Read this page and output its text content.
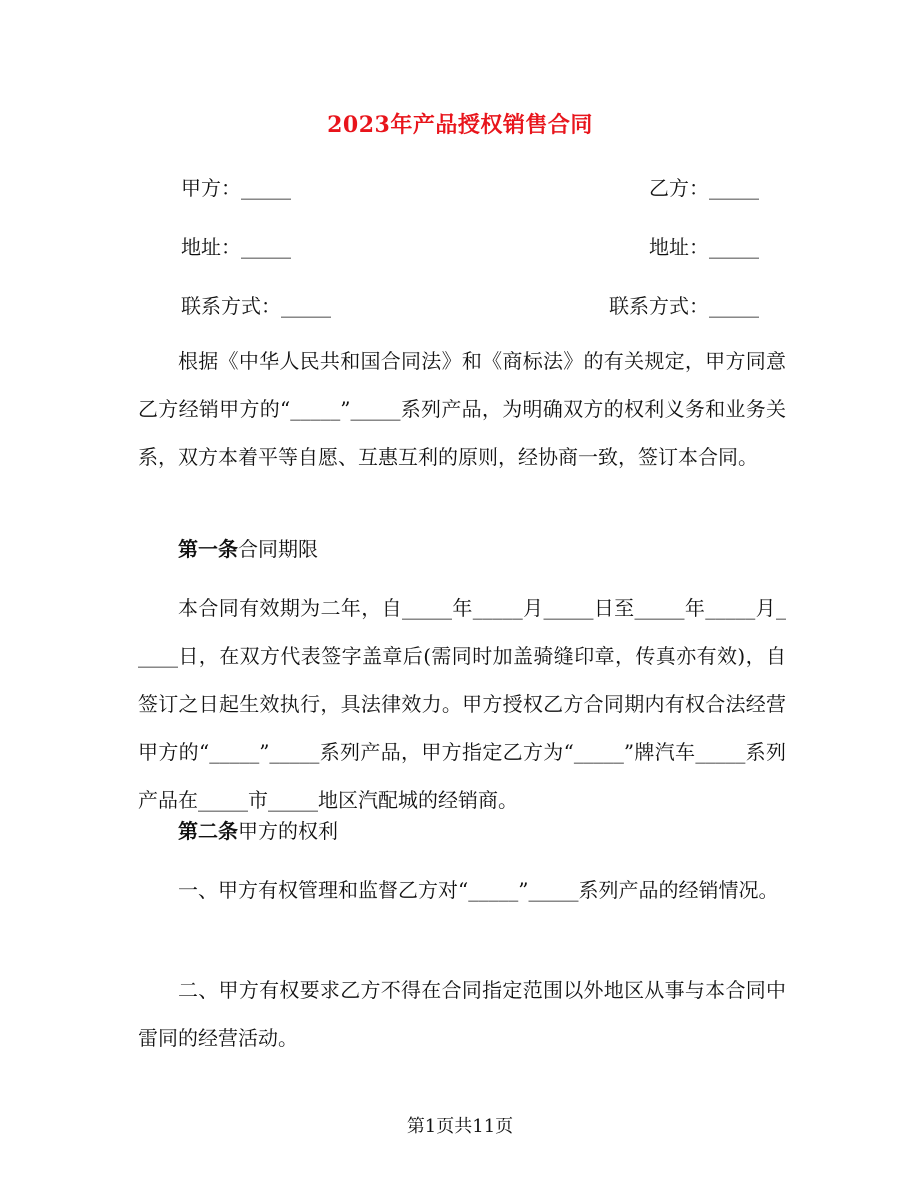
2023年产品授权销售合同
甲方：_____	乙方：_____
地址：_____	地址：_____
联系方式：_____	联系方式：_____

根据《中华人民共和国合同法》和《商标法》的有关规定，甲方同意乙方经销甲方的“_____”_____系列产品，为明确双方的权利义务和业务关系，双方本着平等自愿、互惠互利的原则，经协商一致，签订本合同。

第一条合同期限

本合同有效期为二年，自_____年_____月_____日至_____年_____月_____日，在双方代表签字盖章后(需同时加盖骑缝印章，传真亦有效)，自签订之日起生效执行，具法律效力。甲方授权乙方合同期内有权合法经营甲方的“_____”_____系列产品，甲方指定乙方为“_____”牌汽车_____系列产品在_____市_____地区汽配城的经销商。

第二条甲方的权利

一、甲方有权管理和监督乙方对“_____”_____系列产品的经销情况。

二、甲方有权要求乙方不得在合同指定范围以外地区从事与本合同中雷同的经营活动。

第1页共11页
